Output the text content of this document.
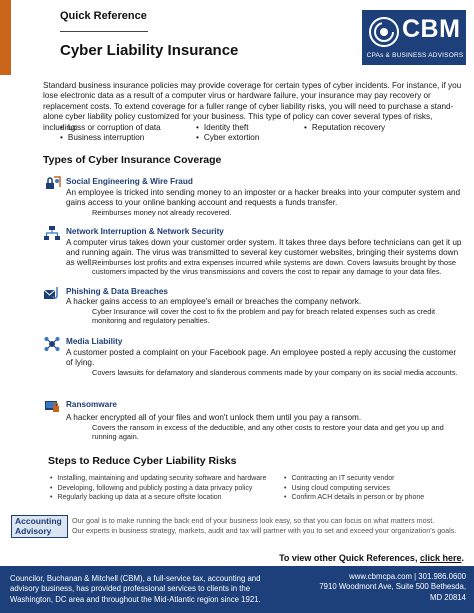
Quick Reference
Cyber Liability Insurance
CBM
CPAs & BUSINESS ADVISORS
Standard business insurance policies may provide coverage for certain types of cyber incidents. For instance, if you lose electronic data as a result of a computer virus or hardware failure, your insurance may pay recovery or replacement costs. To extend coverage for a fuller range of cyber liability risks, you will need to purchase a stand-alone cyber liability policy customized for your business. This type of policy can cover several types of risks, including:
• Loss or corruption of data	• Identity theft	• Reputation recovery
• Business interruption	• Cyber extortion
Types of Cyber Insurance Coverage
Social Engineering & Wire Fraud
An employee is tricked into sending money to an imposter or a hacker breaks into your computer system and gains access to your online banking account and requests a funds transfer.
Reimburses money not already recovered.
Network Interruption & Network Security
A computer virus takes down your customer order system. It takes three days before technicians can get it up and running again. The virus was transmitted to several key customer websites, bringing their systems down as well.
Reimburses lost profits and extra expenses incurred while systems are down. Covers lawsuits brought by those customers impacted by the virus transmissions and covers the cost to repair any damage to your data files.
Phishing & Data Breaches
A hacker gains access to an employee's email or breaches the company network.
Cyber Insurance will cover the cost to fix the problem and pay for breach related expenses such as credit monitoring and regulatory penalties.
Media Liability
A customer posted a complaint on your Facebook page. An employee posted a reply accusing the customer of lying.
Covers lawsuits for defamatory and slanderous comments made by your company on its social media accounts.
Ransomware
A hacker encrypted all of your files and won't unlock them until you pay a ransom.
Covers the ransom in excess of the deductible, and any other costs to restore your data and get you up and running again.
Steps to Reduce Cyber Liability Risks
• Installing, maintaining and updating security software and hardware
• Developing, following and publicly posting a data privacy policy
• Regularly backing up data at a secure offsite location
• Contracting an IT security vendor
• Using cloud computing services
• Confirm ACH details in person or by phone
Accounting
Advisory
Our goal is to make running the back end of your business look easy, so that you can focus on what matters most.
Our experts in business strategy, markets, audit and tax will partner with you to set and exceed your organization's goals.
To view other Quick References, click here.
Councilor, Buchanan & Mitchell (CBM), a full-service tax, accounting and
advisory business, has provided professional services to clients in the
Washington, DC area and throughout the Mid-Atlantic region since 1921.
www.cbmcpa.com | 301.986.0600
7910 Woodmont Ave, Suite 500 Bethesda,
MD 20814
